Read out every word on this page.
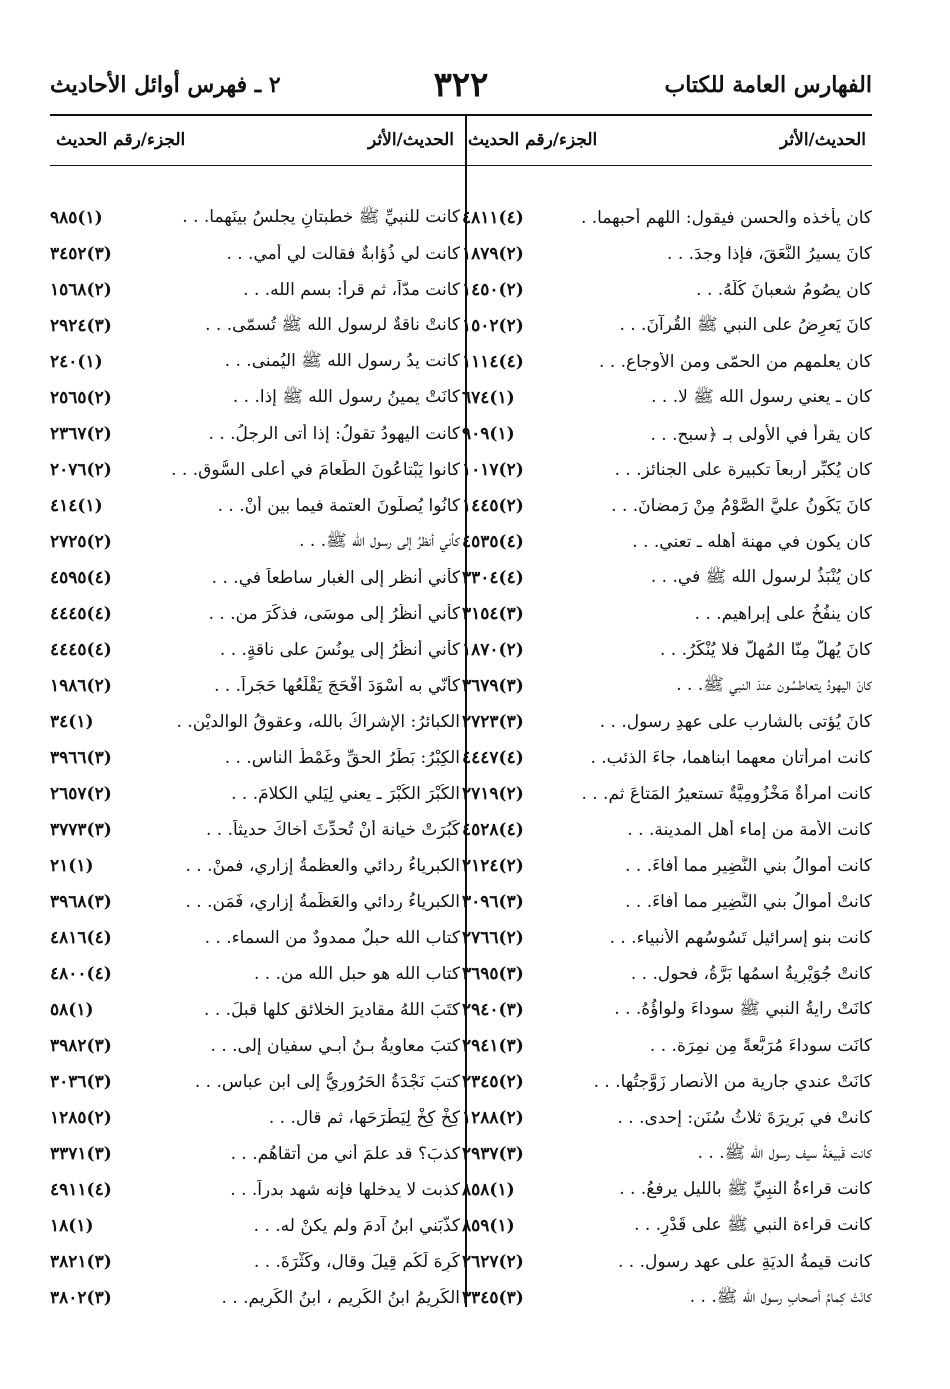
الفهارس العامة للكتاب
٣٢٢
٢ ـ فهرس أوائل الأحاديث
الحديث/الأثر
الجزء/رقم الحديث
كان يأخذه والحسن فيقول: اللهم أحبهما. .
(٤)٤٨١١
كانَ يسيرُ النَّعَقَ، فإذا وجدَ. . .
(٢)١٨٧٩
كان يصُومُ شعبانَ كُلَّهُ. . .
(٢)١٤٥٠
كانَ يَعرِضُ على النبي ﷺ القُرآنَ. . .
(٢)١٥٠٢
كان يعلمهم من الحمّى ومن الأوجاعِ. . .
(٤)١١١٤
كان ـ يعني رسول الله ﷺ لا. . .
(١)٦٧٤
كان يقرأ في الأولى بـ ﴿سبح. . .
(١)٩٠٩
كان يُكبِّر أربعاً تكبيرة على الجنائز. . .
(٢)١٠١٧
كانَ يَكُونُ عليَّ الصَّوْمُ مِنْ رَمضانَ. . .
(٢)١٤٤٥
كان يكون في مهنة أهله ـ تعني. . .
(٤)٤٥٣٥
كان يُنْبَذُ لرسول الله ﷺ في. . .
(٤)٣٣٠٤
كان ينفُخُ على إبراهيم. . .
(٣)٣١٥٤
كانَ يُهِلُّ مِنّا المُهِلُّ فلا يُنْكَرُ. . .
(٢)١٨٧٠
كانَ اليهودُ يتعاطسُون عندَ النبي ﷺ. . .
(٣)٣٦٧٩
كانَ يُؤتى بالشارب على عهدِ رسول. . .
(٣)٢٧٢٣
كانت امرأتان معهما ابناهما، جاءَ الذئب. .
(٤)٤٤٤٧
كانت امرأةٌ مَخْزُومِيَّةٌ تستعيرُ المَتاعَ ثم. . .
(٢)٢٧١٩
كانت الأمة من إماء أهل المدينة. . .
(٤)٤٥٢٨
كانت أموالُ بني النَّضِيرِ مما أفاءَ. . .
(٢)٢١٢٤
كانتْ أموالُ بني النَّضِيرِ مما أفاءَ. . .
(٣)٣٠٩٦
كانت بنو إسرائيل تَسُوسُهم الأنبياء. . .
(٢)٢٧٦٦
كانتْ جُوَيْرِيةُ اسمُها بَرَّةُ، فحول. . .
(٣)٣٦٩٥
كانَتْ رايةُ النبي ﷺ سوداءَ ولواؤُهُ. . .
(٣)٢٩٤٠
كانَت سوداءَ مُرَبَّعةً مِن نمِرَة. . .
(٣)٢٩٤١
كانَتْ عندي جارية من الأنصار زَوَّجتُها. . .
(٢)٢٣٤٥
كانتْ في بَرِيرَةَ ثلاثُ سُنَنٍ: إحدى. . .
(٢)١٢٨٨
كانت قَبيعَةُ سيف رسول الله ﷺ. . .
(٣)٢٩٣٧
كانت قراءةُ النبِيِّ ﷺ بالليل يرفعُ. . .
(١)٨٥٨
كانت قراءة النبي ﷺ على قَدْرِ. . .
(١)٨٥٩
كانت قيمةُ الديَةِ على عهد رسول. . .
(٢)٢٦٢٧
كانَتْ كِمامُ أصحابِ رسول الله ﷺ. . .
(٣)٣٣٤٥
الحديث/الأثر
الجزء/رقم الحديث
كانت للنبيِّ ﷺ خطبتانِ يجلسُ بينَهما. . .
(١)٩٨٥
كانت لي ذُؤابةٌ فقالت لي أمي. . .
(٣)٣٤٥٢
كانت مدّاً، ثم قرأ: بسم الله. . .
(٢)١٥٦٨
كانتْ ناقةٌ لرسول الله ﷺ تُسمّى. . .
(٣)٢٩٢٤
كانت يدُ رسول الله ﷺ اليُمنى. . .
(١)٢٤٠
كانَتْ يمينُ رسول الله ﷺ إذا. . .
(٢)٢٥٦٥
كانت اليهودُ تقولُ: إذا أتى الرجلُ. . .
(٢)٢٣٦٧
كانوا يَبْتاعُونَ الطَّعامَ في أعلى السُّوقِ. . .
(٢)٢٠٧٦
كانُوا يُصلُّونَ العتمة فيما بين أنْ. . .
(١)٤١٤
كأني أنظرُ إلى رسول الله ﷺ. . .
(٢)٢٧٢٥
كأني أنظر إلى الغبار ساطعاً في. . .
(٤)٤٥٩٥
كأني أنظُرُ إلى موسَى، فذكَرَ من. . .
(٤)٤٤٤٥
كأني أنظُرُ إلى يونُسَ على ناقةٍ. . .
(٤)٤٤٤٥
كأنّي به أسْوَدَ أفْحَجَ يَقْلَعُها حَجَراً. . .
(٢)١٩٨٦
الكبائرُ: الإشراكُ بالله، وعقوقُ الوالديْنِ. .
(١)٣٤
الكِبْرُ: بَطَرُ الحقِّ وغَمْطُ الناس. . .
(٣)٣٩٦٦
الكُبْرَ الكُبْرَ ـ يعني لِيَلي الكلامَ. . .
(٢)٢٦٥٧
كَبُرَتْ خيانة أنْ تُحدِّثَ أخاكَ حديثاً. . .
(٣)٣٧٧٣
الكبرياءُ ردائي والعظمةُ إزاري، فمنْ. . .
(١)٢١
الكبرياءُ رِدائي والعَظَمةُ إزاري، فَمَن. . .
(٣)٣٩٦٨
كتاب الله حبلٌ ممدودٌ من السماء. . .
(٤)٤٨١٦
كتاب الله هو حبل الله من. . .
(٤)٤٨٠٠
كتَبَ اللهُ مقاديرَ الخلائقِ كلها قبلَ. . .
(١)٥٨
كتبَ معاويةُ بـنُ أبـي سفيان إلى. . .
(٣)٣٩٨٢
كتبَ نَجْدَةُ الحَرُورِيُّ إلى ابن عباس. . .
(٣)٣٠٣٦
كِخْ كِخْ لِيَطْرَحَها، ثم قال. . .
(٢)١٢٨٥
كذبَ؟ قد علمَ أني من أتقاهُم. . .
(٣)٣٣٧١
كذبت لا يدخلها فإنه شهد بدراً. . .
(٤)٤٩١١
كذَّبَني ابنُ آدمَ ولم يكنْ له. . .
(١)١٨
كَرِهَ لَكُم قِيلَ وقال، وكَثْرَةَ. . .
(٣)٣٨٢١
الكَرِيمُ ابنُ الكَرِيمِ ، ابنُ الكَرِيمِ. . .
(٣)٣٨٠٢
